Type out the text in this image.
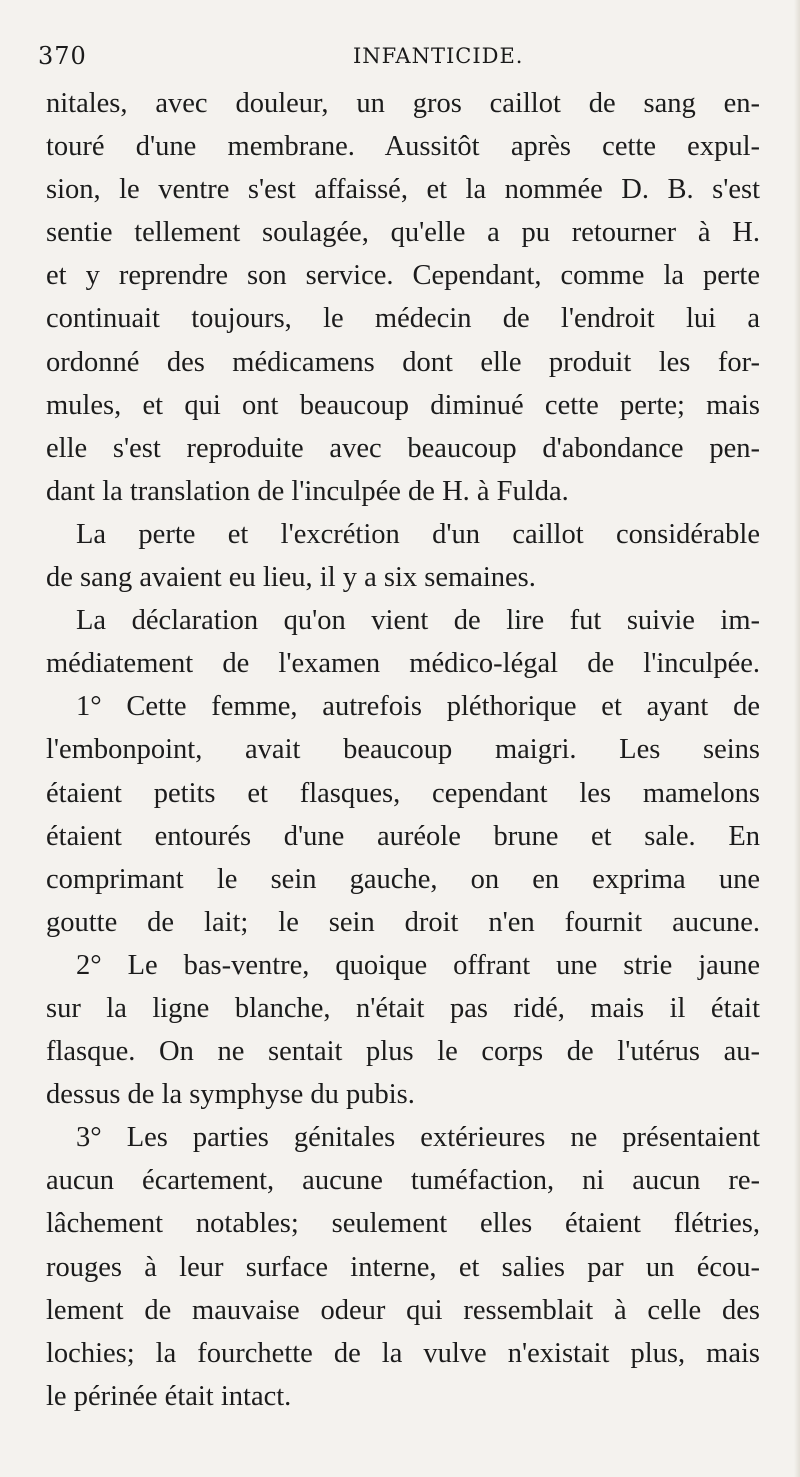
370	INFANTICIDE.
nitales, avec douleur, un gros caillot de sang en-
touré d'une membrane. Aussitôt après cette expul-
sion, le ventre s'est affaissé, et la nommée D. B. s'est
sentie tellement soulagée, qu'elle a pu retourner à H.
et y reprendre son service. Cependant, comme la perte
continuait toujours, le médecin de l'endroit lui a
ordonné des médicamens dont elle produit les for-
mules, et qui ont beaucoup diminué cette perte; mais
elle s'est reproduite avec beaucoup d'abondance pen-
dant la translation de l'inculpée de H. à Fulda.
La perte et l'excrétion d'un caillot considérable
de sang avaient eu lieu, il y a six semaines.
La déclaration qu'on vient de lire fut suivie im-
médiatement de l'examen médico-légal de l'inculpée.
1° Cette femme, autrefois pléthorique et ayant de
l'embonpoint, avait beaucoup maigri. Les seins
étaient petits et flasques, cependant les mamelons
étaient entourés d'une auréole brune et sale. En
comprimant le sein gauche, on en exprima une
goutte de lait; le sein droit n'en fournit aucune.
2° Le bas-ventre, quoique offrant une strie jaune
sur la ligne blanche, n'était pas ridé, mais il était
flasque. On ne sentait plus le corps de l'utérus au-
dessus de la symphyse du pubis.
3° Les parties génitales extérieures ne présentaient
aucun écartement, aucune tuméfaction, ni aucun re-
lâchement notables; seulement elles étaient flétries,
rouges à leur surface interne, et salies par un écou-
lement de mauvaise odeur qui ressemblait à celle des
lochies; la fourchette de la vulve n'existait plus, mais
le périnée était intact.
